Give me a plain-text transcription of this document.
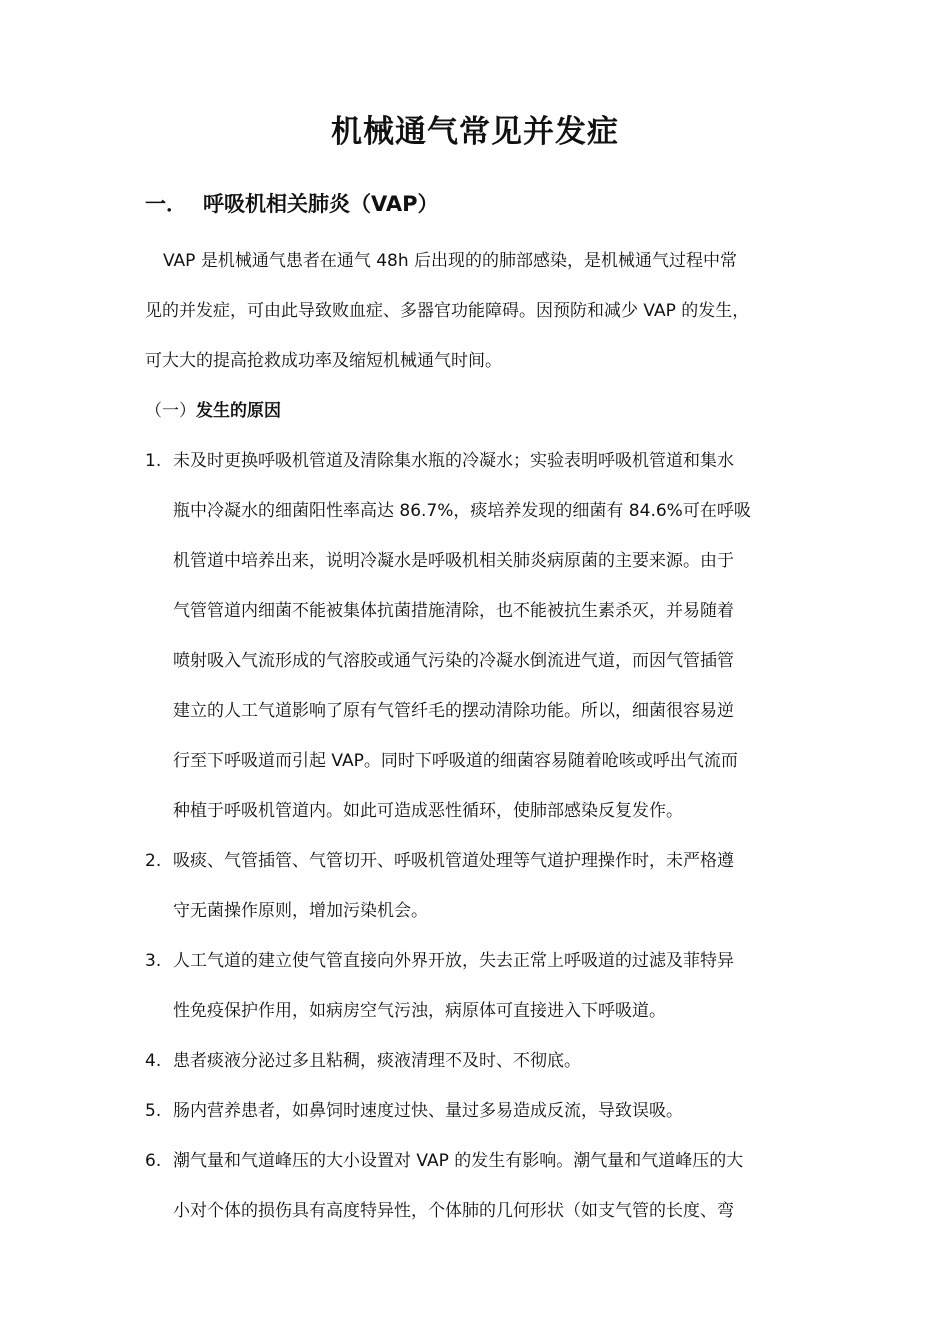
机械通气常见并发症
一． 呼吸机相关肺炎（VAP）
VAP 是机械通气患者在通气 48h 后出现的的肺部感染，是机械通气过程中常
见的并发症，可由此导致败血症、多器官功能障碍。因预防和减少 VAP 的发生，
可大大的提高抢救成功率及缩短机械通气时间。
（一）发生的原因
1. 未及时更换呼吸机管道及清除集水瓶的冷凝水；实验表明呼吸机管道和集水
瓶中冷凝水的细菌阳性率高达 86.7%，痰培养发现的细菌有 84.6%可在呼吸
机管道中培养出来，说明冷凝水是呼吸机相关肺炎病原菌的主要来源。由于
气管管道内细菌不能被集体抗菌措施清除，也不能被抗生素杀灭，并易随着
喷射吸入气流形成的气溶胶或通气污染的冷凝水倒流进气道，而因气管插管
建立的人工气道影响了原有气管纤毛的摆动清除功能。所以，细菌很容易逆
行至下呼吸道而引起 VAP。同时下呼吸道的细菌容易随着呛咳或呼出气流而
种植于呼吸机管道内。如此可造成恶性循环，使肺部感染反复发作。
2. 吸痰、气管插管、气管切开、呼吸机管道处理等气道护理操作时，未严格遵
守无菌操作原则，增加污染机会。
3. 人工气道的建立使气管直接向外界开放，失去正常上呼吸道的过滤及菲特异
性免疫保护作用，如病房空气污浊，病原体可直接进入下呼吸道。
4. 患者痰液分泌过多且粘稠，痰液清理不及时、不彻底。
5. 肠内营养患者，如鼻饲时速度过快、量过多易造成反流，导致误吸。
6. 潮气量和气道峰压的大小设置对 VAP 的发生有影响。潮气量和气道峰压的大
小对个体的损伤具有高度特异性，个体肺的几何形状（如支气管的长度、弯
